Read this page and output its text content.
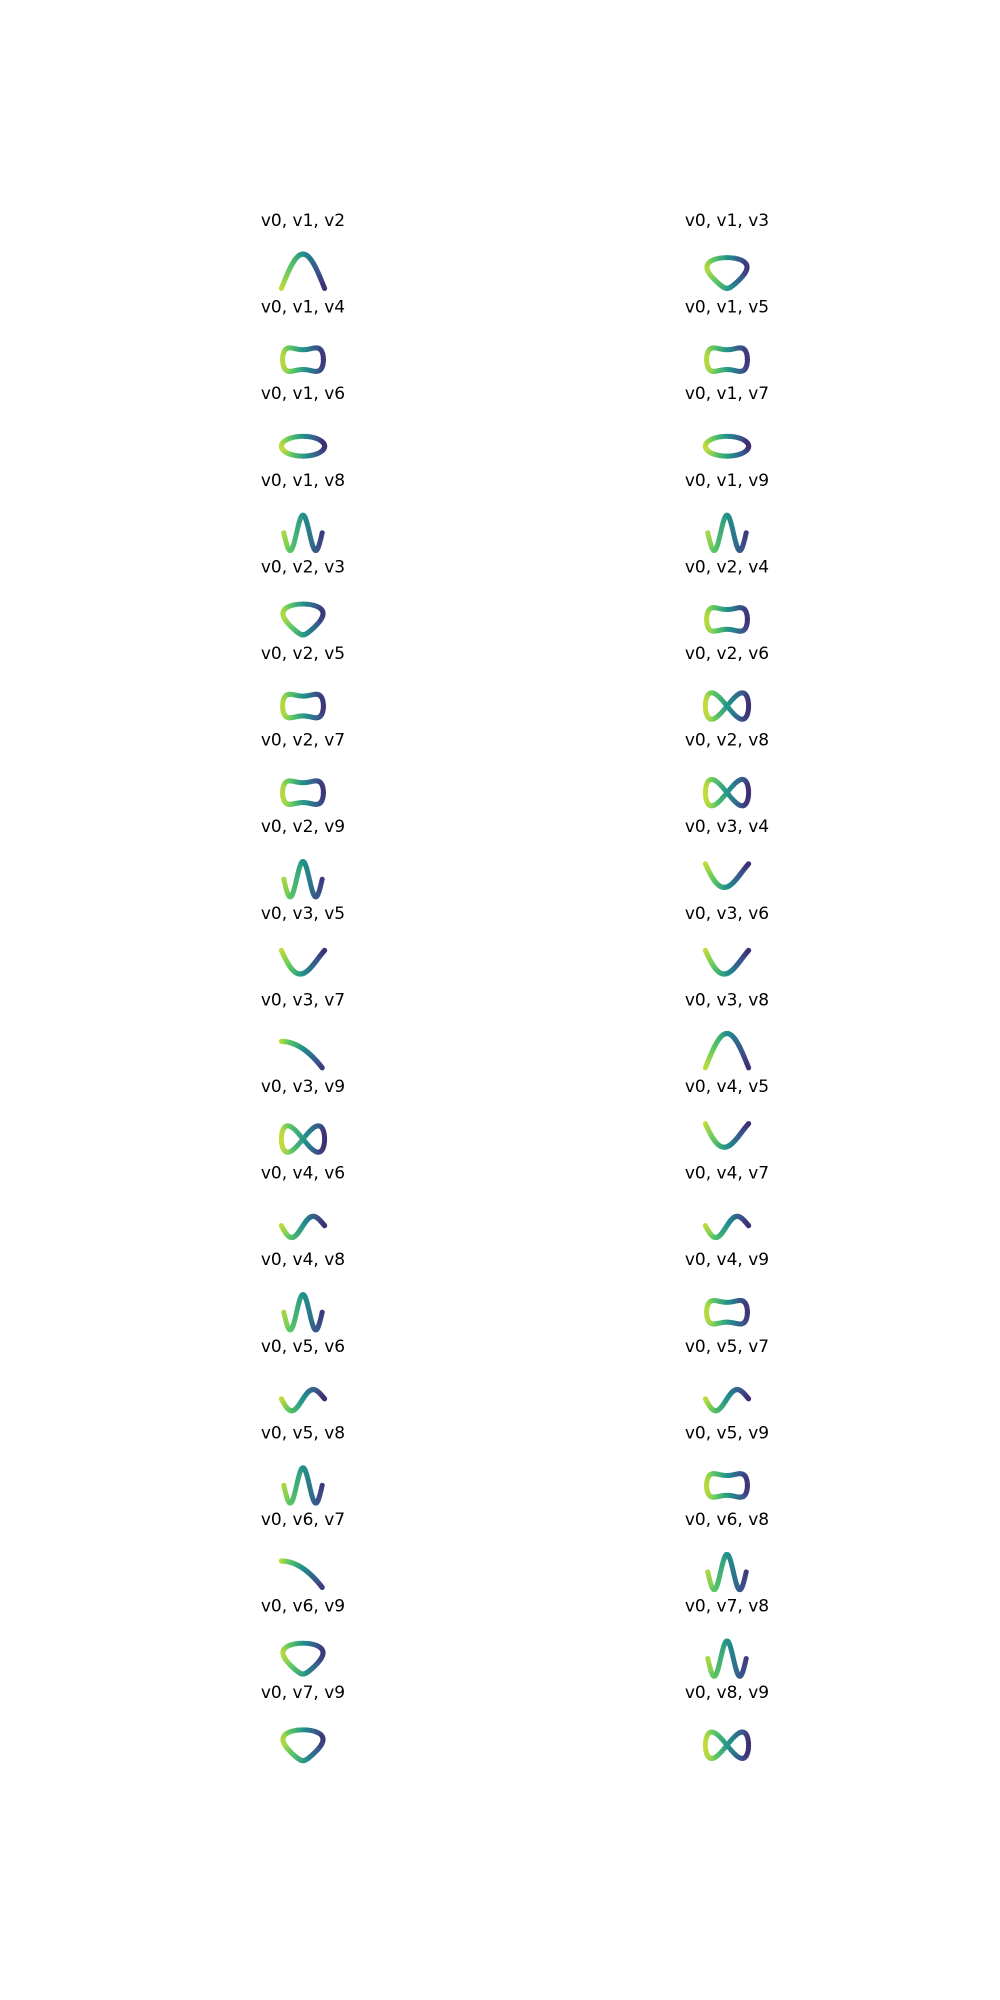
v0, v1, v2	v0, v1, v3
v0, v1, v4	v0, v1, v5
v0, v1, v6	v0, v1, v7
v0, v1, v8	v0, v1, v9
v0, v2, v3	v0, v2, v4
v0, v2, v5	v0, v2, v6
v0, v2, v7	v0, v2, v8
v0, v2, v9	v0, v3, v4
v0, v3, v5	v0, v3, v6
v0, v3, v7	v0, v3, v8
v0, v3, v9	v0, v4, v5
v0, v4, v6	v0, v4, v7
v0, v4, v8	v0, v4, v9
v0, v5, v6	v0, v5, v7
v0, v5, v8	v0, v5, v9
v0, v6, v7	v0, v6, v8
v0, v6, v9	v0, v7, v8
v0, v7, v9	v0, v8, v9
